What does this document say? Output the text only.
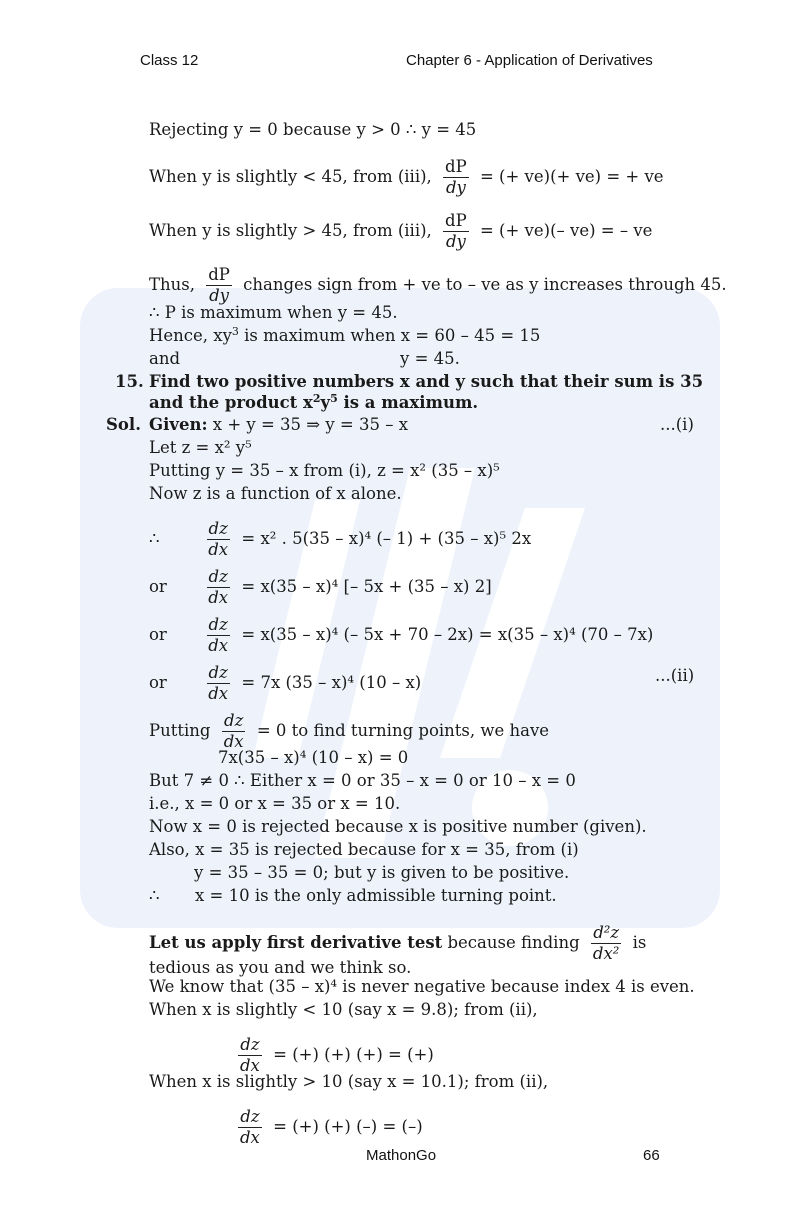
Class 12	Chapter 6 - Application of Derivatives
Rejecting y = 0 because y > 0 ∴ y = 45
When y is slightly < 45, from (iii), $\frac{dP}{dy}$ = (+ ve)(+ ve) = + ve
When y is slightly > 45, from (iii), $\frac{dP}{dy}$ = (+ ve)(– ve) = – ve
Thus, $\frac{dP}{dy}$ changes sign from + ve to – ve as y increases through 45.
∴ P is maximum when y = 45.
Hence, $xy^3$ is maximum when x = 60 – 45 = 15
and	y = 45.
15. Find two positive numbers x and y such that their sum is 35
and the product $x^2y^5$ is a maximum.
Sol. Given: x + y = 35 ⇒ y = 35 – x	...(i)
Let z = x² y⁵
Putting y = 35 – x from (i), z = x² (35 – x)⁵
Now z is a function of x alone.
∴	$\frac{dz}{dx} = x^2$ . 5(35 – x)⁴ (– 1) + (35 – x)⁵ 2x
or $\frac{dz}{dx} = x(35 - x)^4$ [– 5x + (35 – x) 2]
or $\frac{dz}{dx} = x(35 - x)^4$ (– 5x + 70 – 2x) = x(35 – x)⁴ (70 – 7x)
or $\frac{dz}{dx} = 7x$ (35 – x)⁴ (10 – x)	...(ii)
Putting $\frac{dz}{dx} = 0$ to find turning points, we have
7x(35 – x)⁴ (10 – x) = 0
But 7 ≠ 0 ∴ Either x = 0 or 35 – x = 0 or 10 – x = 0
i.e., x = 0 or x = 35 or x = 10.
Now x = 0 is rejected because x is positive number (given).
Also, x = 35 is rejected because for x = 35, from (i)
y = 35 – 35 = 0; but y is given to be positive.
∴ x = 10 is the only admissible turning point.
Let us apply first derivative test because finding $\frac{\text{d²z}}{\text{dx²}}$ is
tedious as you and we think so.
We know that (35 – x)⁴ is never negative because index 4 is even.
When x is slightly < 10 (say x = 9.8); from (ii),
$\frac{dz}{dx}$ = (+) (+) (+) = (+)
When x is slightly > 10 (say x = 10.1); from (ii),
$\frac{dz}{dx}$ = (+) (+) (–) = (–)
MathonGo	66
